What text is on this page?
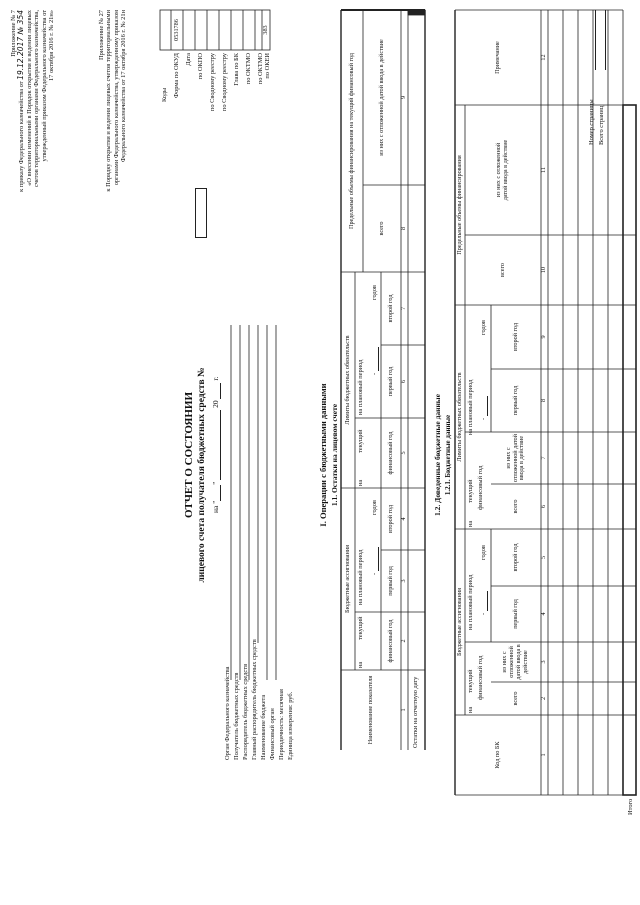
Приложение № 7
к приказу Федерального казначейства от 19.12.2017 № 354 «О внесении изменений в Порядок открытия и ведения лицевых счетов территориальными органами Федерального казначейства, утвержденный приказом Федерального казначейства от 17 октября 2016 г. № 21н»	Приложение № 27 к Порядку открытия и ведения лицевых счетов территориальными органами Федерального казначейства, утвержденному приказом Федерального казначейства от 17 октября 2016 г. № 21н
ОТЧЕТ О СОСТОЯНИИ лицевого счета получателя бюджетных средств № на ""  20  г.
Коды Форма по ОКУД
0531786
Дата по ОКПО по Сводному реестру по Сводному реестру Глава по БК по ОКТМО по ОКТМО по ОКЕИ
383
Орган Федерального казначейства Получатель бюджетных средств Распорядитель бюджетных средств Главный распорядитель бюджетных средств Наименование бюджета Финансовый орган Периодичность: месячная Единица измерения: руб.
I. Операции с бюджетными данными 1.1. Остатки на лицевом счете
Наименование показателя
Бюджетные ассигнования
Лимиты бюджетных обязательств
Предельные объемы финансирования на текущий финансовый год
на
текущий
на плановый период -
годов
финансовый год
первый год
второй год
на
текущий
на плановый период -
годов
финансовый год
первый год
второй год
всего
из них с отложенной датой ввода в действие
1
2
3
4
5
6
7
8
9
Остатки на отчетную дату
1.2. Доведенные бюджетные данные 1.2.1. Бюджетные данные
Код по БК
Бюджетные ассигнования
Лимиты бюджетных обязательств
Предельные объемы финансирования
Примечание
на
текущий финансовый год
на плановый период -
годов
всего
из них с отложенной датой ввода в действие
первый год
второй год
на
текущий финансовый год
на плановый период -
годов
всего
из них с отложенной датой ввода в действие
первый год
второй год
всего
из них с отложенной датой ввода в действие
1
2
3
4
5
6
7
8
9
10
11
12
Итого
Номер страницы Всего страниц
